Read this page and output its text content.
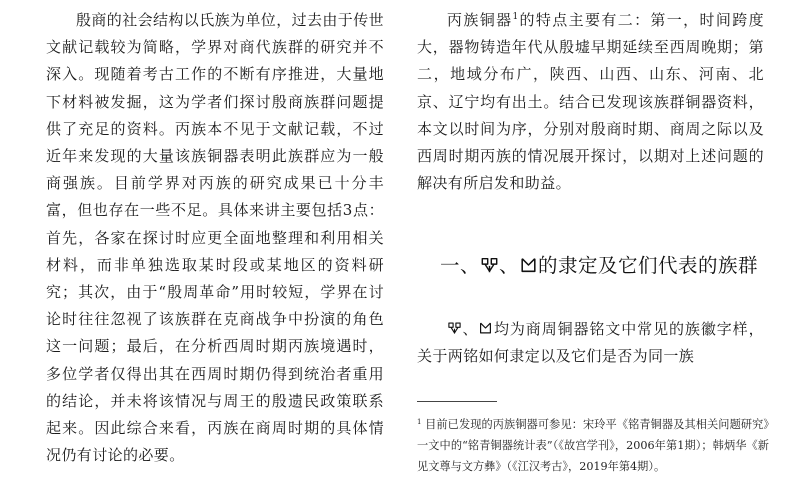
殷商的社会结构以氏族为单位，过去由于传世文献记载较为简略，学界对商代族群的研究并不深入。现随着考古工作的不断有序推进，大量地下材料被发掘，这为学者们探讨殷商族群问题提供了充足的资料。丙族本不见于文献记载，不过近年来发现的大量该族铜器表明此族群应为一般商强族。目前学界对丙族的研究成果已十分丰富，但也存在一些不足。具体来讲主要包括3点：首先，各家在探讨时应更全面地整理和利用相关材料，而非单独选取某时段或某地区的资料研究；其次，由于“殷周革命”用时较短，学界在讨论时往往忽视了该族群在克商战争中扮演的角色这一问题；最后，在分析西周时期丙族境遇时，多位学者仅得出其在西周时期仍得到统治者重用的结论，并未将该情况与周王的殷遗民政策联系起来。因此综合来看，丙族在商周时期的具体情况仍有讨论的必要。

丙族铜器$^1$的特点主要有二：第一，时间跨度大，器物铸造年代从殷墟早期延续至西周晚期；第二，地域分布广，陕西、山西、山东、河南、北京、辽宁均有出土。结合已发现该族群铜器资料，本文以时间为序，分别对殷商时期、商周之际以及西周时期丙族的情况展开探讨，以期对上述问题的解决有所启发和助益。

一、 、 的隶定及它们代表的族群

、 均为商周铜器铭文中常见的族徽字样，关于两铭如何隶定以及它们是否为同一族

$^1$ 目前已发现的丙族铜器可参见：宋玲平《铭青铜器及其相关问题研究》一文中的“铭青铜器统计表”（《故宫学刊》，2006年第1期）；韩炳华《新见文尊与文方彝》（《江汉考古》，2019年第4期）。
